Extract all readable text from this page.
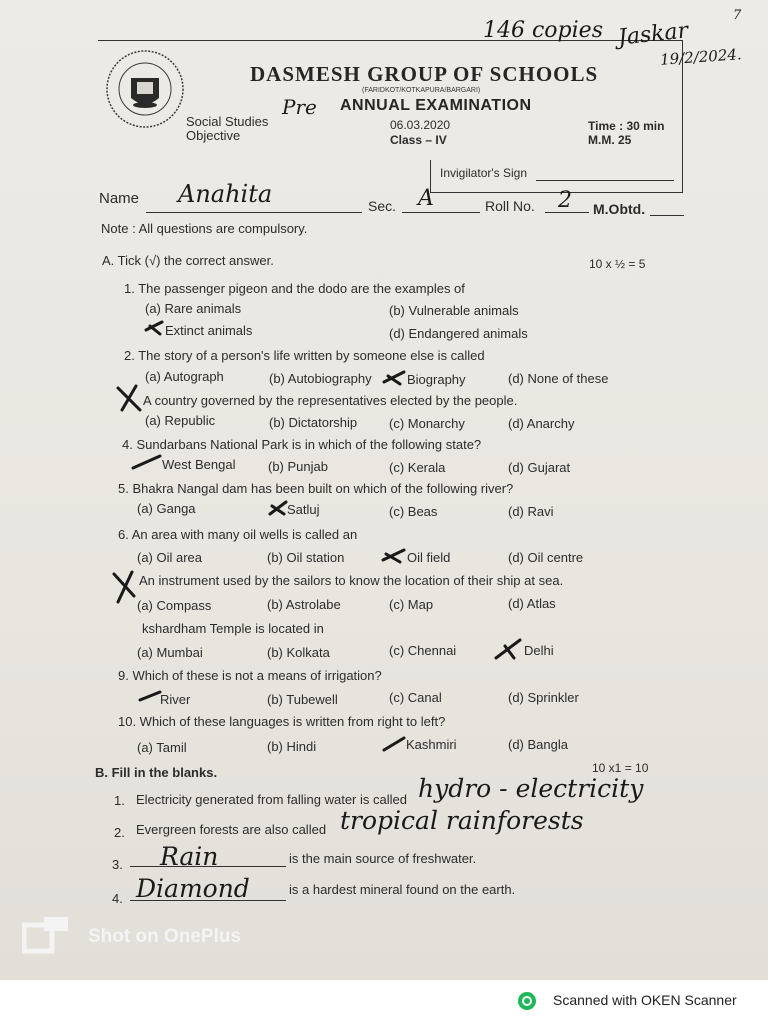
146 copies Jaskar
19/2/2024.
7
Pre
DASMESH GROUP OF SCHOOLS
(FARIDKOT/KOTKAPURA/BARGARI)
ANNUAL EXAMINATION
Social Studies
Objective
06.03.2020
Class – IV
Time : 30 min
M.M. 25
Invigilator's Sign
Name Anahita	Sec. A	Roll No. 2 M.Obtd.
Note : All questions are compulsory.
A. Tick (√) the correct answer.	10 x ½ = 5
1. The passenger pigeon and the dodo are the examples of
(a) Rare animals	(b) Vulnerable animals
Extinct animals	(d) Endangered animals
2. The story of a person's life written by someone else is called
(a) Autograph	(b) Autobiography	Biography	(d) None of these
A country governed by the representatives elected by the people.
(a) Republic	(b) Dictatorship (c) Monarchy	(d) Anarchy
4. Sundarbans National Park is in which of the following state?
West Bengal	(b) Punjab	(c) Kerala	(d) Gujarat
5. Bhakra Nangal dam has been built on which of the following river?
(a) Ganga	Satluj	(c) Beas	(d) Ravi
6. An area with many oil wells is called an
(a) Oil area	(b) Oil station	Oil field	(d) Oil centre
An instrument used by the sailors to know the location of their ship at sea.
(a) Compass	(b) Astrolabe	(c) Map	(d) Atlas
kshardham Temple is located in
(a) Mumbai	(b) Kolkata	(c) Chennai	Delhi
9. Which of these is not a means of irrigation?
River	(b) Tubewell	(c) Canal	(d) Sprinkler
10. Which of these languages is written from right to left?
(a) Tamil	(b) Hindi	Kashmiri	(d) Bangla
B. Fill in the blanks.	10 x1 = 10
1. Electricity generated from falling water is called hydro - electricity
2. Evergreen forests are also called tropical rainforests
3. Rain	is the main source of freshwater.
4. Diamond	is a hardest mineral found on the earth.
Shot on OnePlus
Scanned with OKEN Scanner
